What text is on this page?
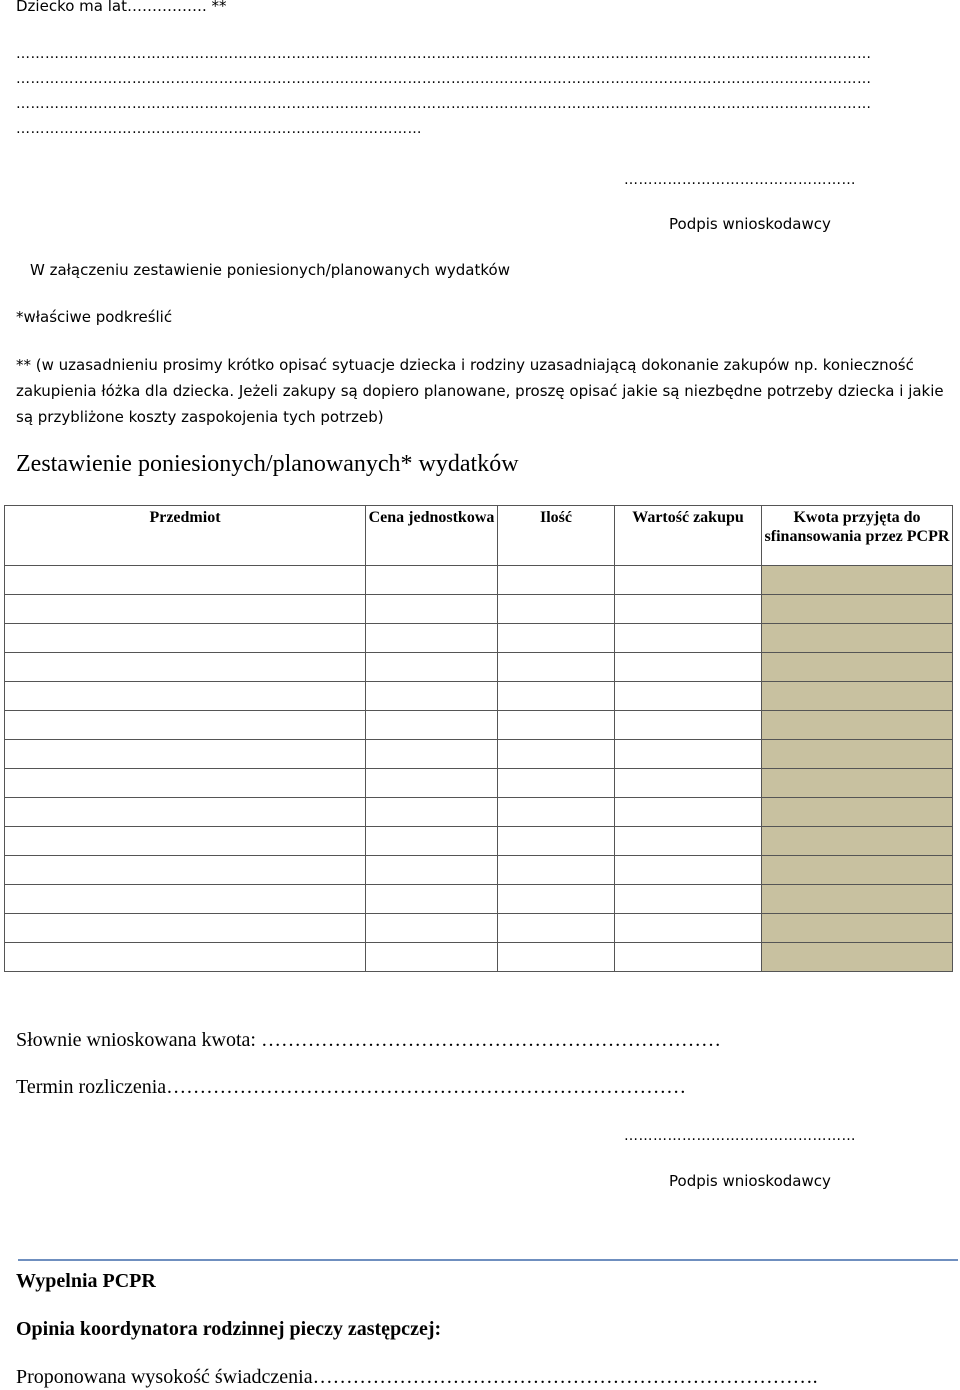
Dziecko ma lat……………. **
……………………………………………………………………………………………………………………………………………………………
……………………………………………………………………………………………………………………………………………………………
……………………………………………………………………………………………………………………………………………………………
…………………………………………………………………………
…………………………………………
Podpis wnioskodawcy
W załączeniu zestawienie poniesionych/planowanych wydatków
*właściwe podkreślić
** (w uzasadnieniu prosimy krótko opisać sytuacje dziecka i rodziny uzasadniającą dokonanie zakupów np. konieczność zakupienia łóżka dla dziecka. Jeżeli zakupy są dopiero planowane, proszę opisać jakie są niezbędne potrzeby dziecka i jakie są przybliżone koszty zaspokojenia tych potrzeb)
Zestawienie poniesionych/planowanych* wydatków
Przedmiot	Cena jednostkowa	Ilość	Wartość zakupu	Kwota przyjęta do sfinansowania przez PCPR

Słownie wnioskowana kwota: ……………………………………………………………
Termin rozliczenia……………………………………………………………………
…………………………………………
Podpis wnioskodawcy
Wypelnia PCPR
Opinia koordynatora rodzinnej pieczy zastępczej:
Proponowana wysokość świadczenia………………………………………………………………….
